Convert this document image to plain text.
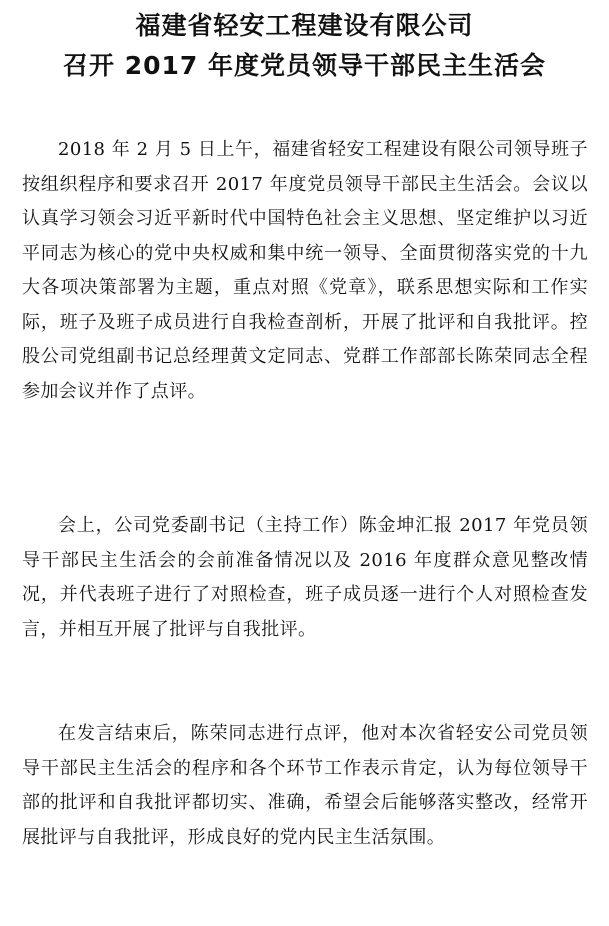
福建省轻安工程建设有限公司
召开 2017 年度党员领导干部民主生活会

2018 年 2 月 5 日上午，福建省轻安工程建设有限公司领导班子按组织程序和要求召开 2017 年度党员领导干部民主生活会。会议以认真学习领会习近平新时代中国特色社会主义思想、坚定维护以习近平同志为核心的党中央权威和集中统一领导、全面贯彻落实党的十九大各项决策部署为主题，重点对照《党章》，联系思想实际和工作实际，班子及班子成员进行自我检查剖析，开展了批评和自我批评。控股公司党组副书记总经理黄文定同志、党群工作部部长陈荣同志全程参加会议并作了点评。

会上，公司党委副书记（主持工作）陈金坤汇报 2017 年党员领导干部民主生活会的会前准备情况以及 2016 年度群众意见整改情况，并代表班子进行了对照检查，班子成员逐一进行个人对照检查发言，并相互开展了批评与自我批评。

在发言结束后，陈荣同志进行点评，他对本次省轻安公司党员领导干部民主生活会的程序和各个环节工作表示肯定，认为每位领导干部的批评和自我批评都切实、准确，希望会后能够落实整改，经常开展批评与自我批评，形成良好的党内民主生活氛围。
